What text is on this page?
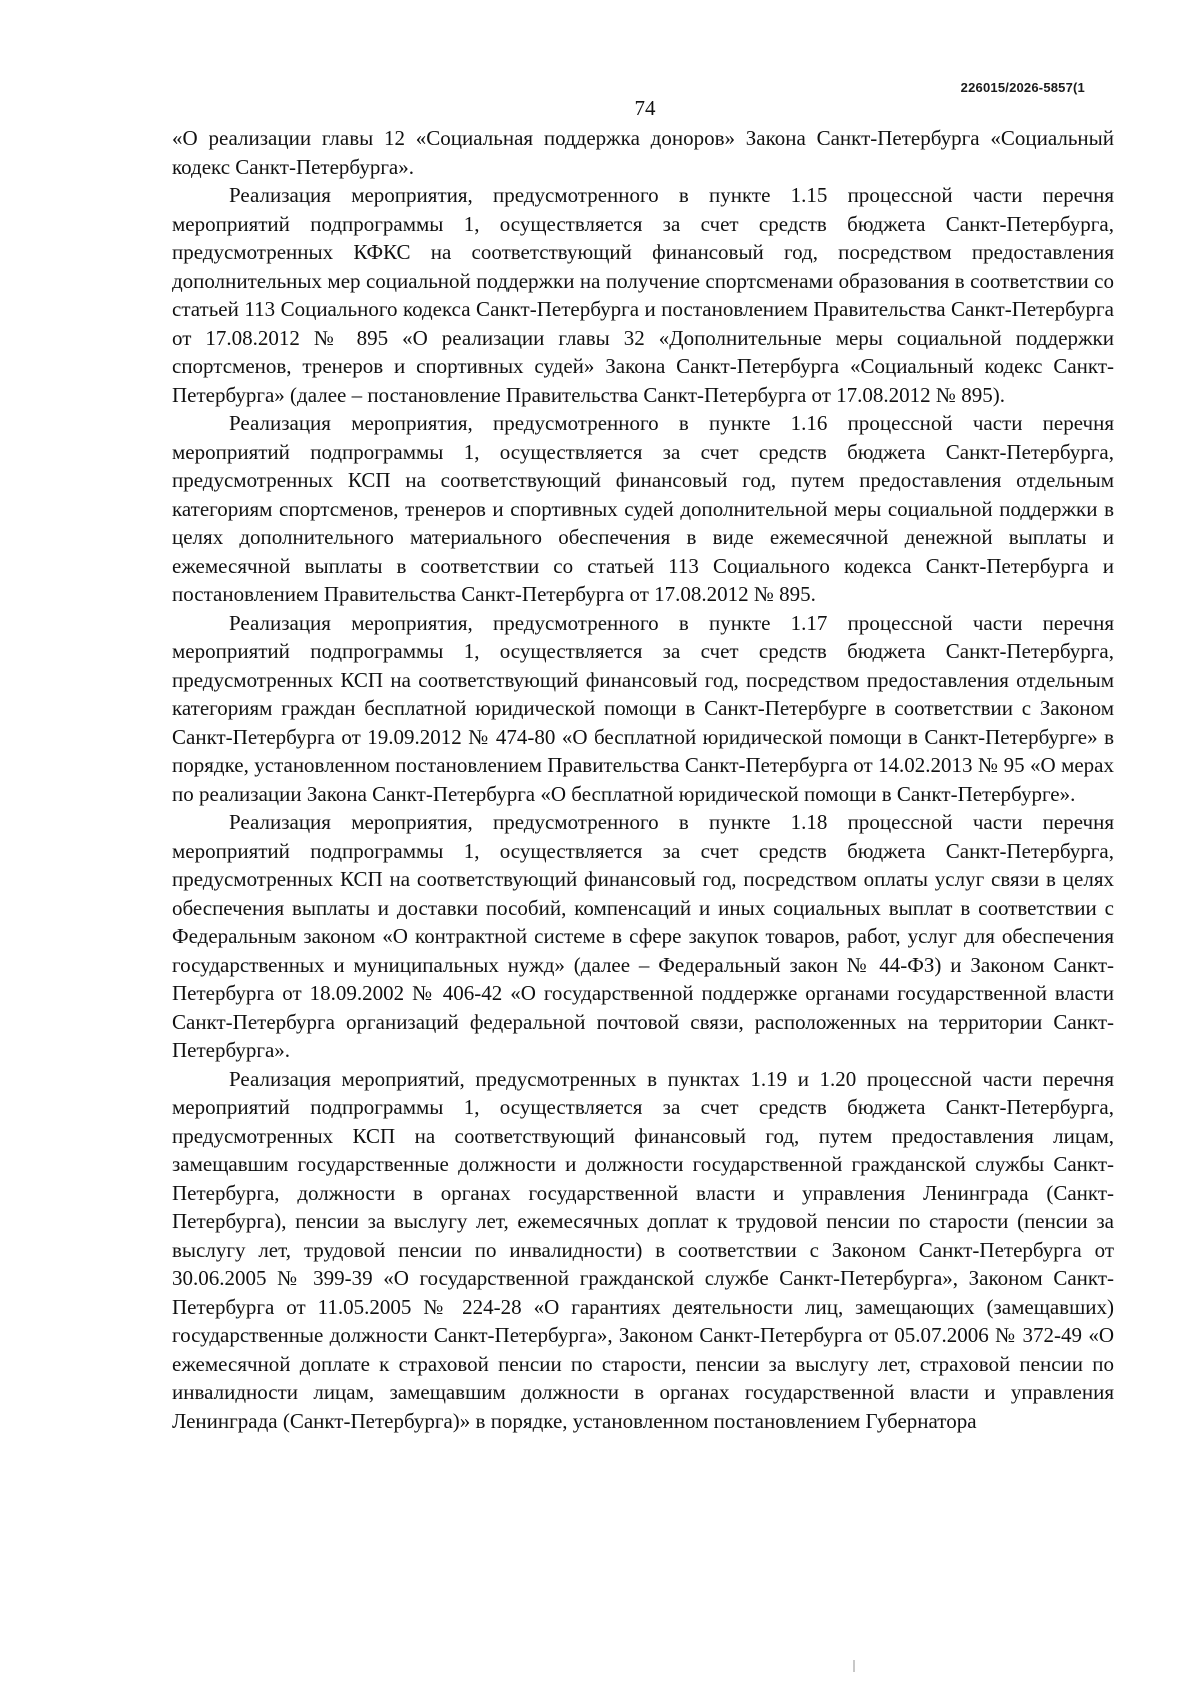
226015/2026-5857(1
74

«О реализации главы 12 «Социальная поддержка доноров» Закона Санкт-Петербурга «Социальный кодекс Санкт-Петербурга».

Реализация мероприятия, предусмотренного в пункте 1.15 процессной части перечня мероприятий подпрограммы 1, осуществляется за счет средств бюджета Санкт-Петербурга, предусмотренных КФКС на соответствующий финансовый год, посредством предоставления дополнительных мер социальной поддержки на получение спортсменами образования в соответствии со статьей 113 Социального кодекса Санкт-Петербурга и постановлением Правительства Санкт-Петербурга от 17.08.2012 № 895 «О реализации главы 32 «Дополнительные меры социальной поддержки спортсменов, тренеров и спортивных судей» Закона Санкт-Петербурга «Социальный кодекс Санкт-Петербурга» (далее – постановление Правительства Санкт-Петербурга от 17.08.2012 № 895).

Реализация мероприятия, предусмотренного в пункте 1.16 процессной части перечня мероприятий подпрограммы 1, осуществляется за счет средств бюджета Санкт-Петербурга, предусмотренных КСП на соответствующий финансовый год, путем предоставления отдельным категориям спортсменов, тренеров и спортивных судей дополнительной меры социальной поддержки в целях дополнительного материального обеспечения в виде ежемесячной денежной выплаты и ежемесячной выплаты в соответствии со статьей 113 Социального кодекса Санкт-Петербурга и постановлением Правительства Санкт-Петербурга от 17.08.2012 № 895.

Реализация мероприятия, предусмотренного в пункте 1.17 процессной части перечня мероприятий подпрограммы 1, осуществляется за счет средств бюджета Санкт-Петербурга, предусмотренных КСП на соответствующий финансовый год, посредством предоставления отдельным категориям граждан бесплатной юридической помощи в Санкт-Петербурге в соответствии с Законом Санкт-Петербурга от 19.09.2012 № 474-80 «О бесплатной юридической помощи в Санкт-Петербурге» в порядке, установленном постановлением Правительства Санкт-Петербурга от 14.02.2013 № 95 «О мерах по реализации Закона Санкт-Петербурга «О бесплатной юридической помощи в Санкт-Петербурге».

Реализация мероприятия, предусмотренного в пункте 1.18 процессной части перечня мероприятий подпрограммы 1, осуществляется за счет средств бюджета Санкт-Петербурга, предусмотренных КСП на соответствующий финансовый год, посредством оплаты услуг связи в целях обеспечения выплаты и доставки пособий, компенсаций и иных социальных выплат в соответствии с Федеральным законом «О контрактной системе в сфере закупок товаров, работ, услуг для обеспечения государственных и муниципальных нужд» (далее – Федеральный закон № 44-ФЗ) и Законом Санкт-Петербурга от 18.09.2002 № 406-42 «О государственной поддержке органами государственной власти Санкт-Петербурга организаций федеральной почтовой связи, расположенных на территории Санкт-Петербурга».

Реализация мероприятий, предусмотренных в пунктах 1.19 и 1.20 процессной части перечня мероприятий подпрограммы 1, осуществляется за счет средств бюджета Санкт-Петербурга, предусмотренных КСП на соответствующий финансовый год, путем предоставления лицам, замещавшим государственные должности и должности государственной гражданской службы Санкт-Петербурга, должности в органах государственной власти и управления Ленинграда (Санкт-Петербурга), пенсии за выслугу лет, ежемесячных доплат к трудовой пенсии по старости (пенсии за выслугу лет, трудовой пенсии по инвалидности) в соответствии с Законом Санкт-Петербурга от 30.06.2005 № 399-39 «О государственной гражданской службе Санкт-Петербурга», Законом Санкт-Петербурга от 11.05.2005 № 224-28 «О гарантиях деятельности лиц, замещающих (замещавших) государственные должности Санкт-Петербурга», Законом Санкт-Петербурга от 05.07.2006 № 372-49 «О ежемесячной доплате к страховой пенсии по старости, пенсии за выслугу лет, страховой пенсии по инвалидности лицам, замещавшим должности в органах государственной власти и управления Ленинграда (Санкт-Петербурга)» в порядке, установленном постановлением Губернатора
